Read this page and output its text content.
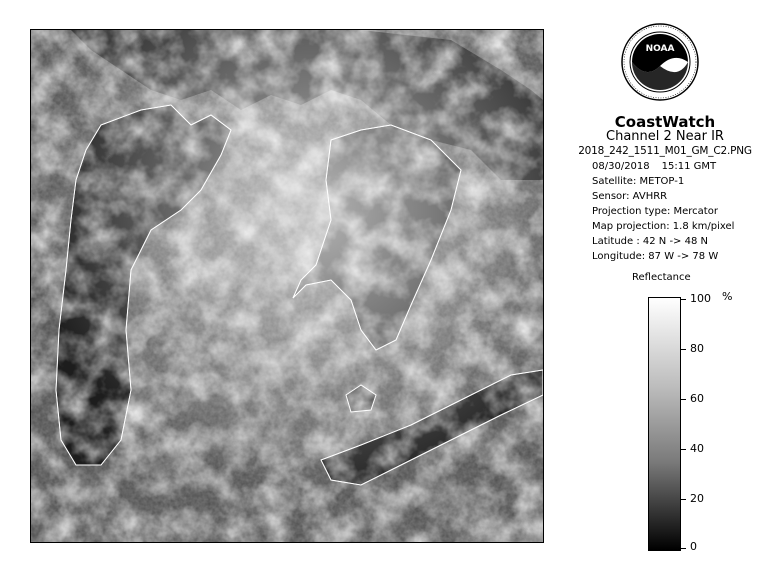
NOAA
CoastWatch
Channel 2 Near IR
2018_242_1511_M01_GM_C2.PNG
08/30/2018 15:11 GMT
Satellite: METOP-1
Sensor: AVHRR
Projection type: Mercator
Map projection: 1.8 km/pixel
Latitude : 42 N -> 48 N
Longitude: 87 W -> 78 W
Reflectance
%
100
80
60
40
20
0
